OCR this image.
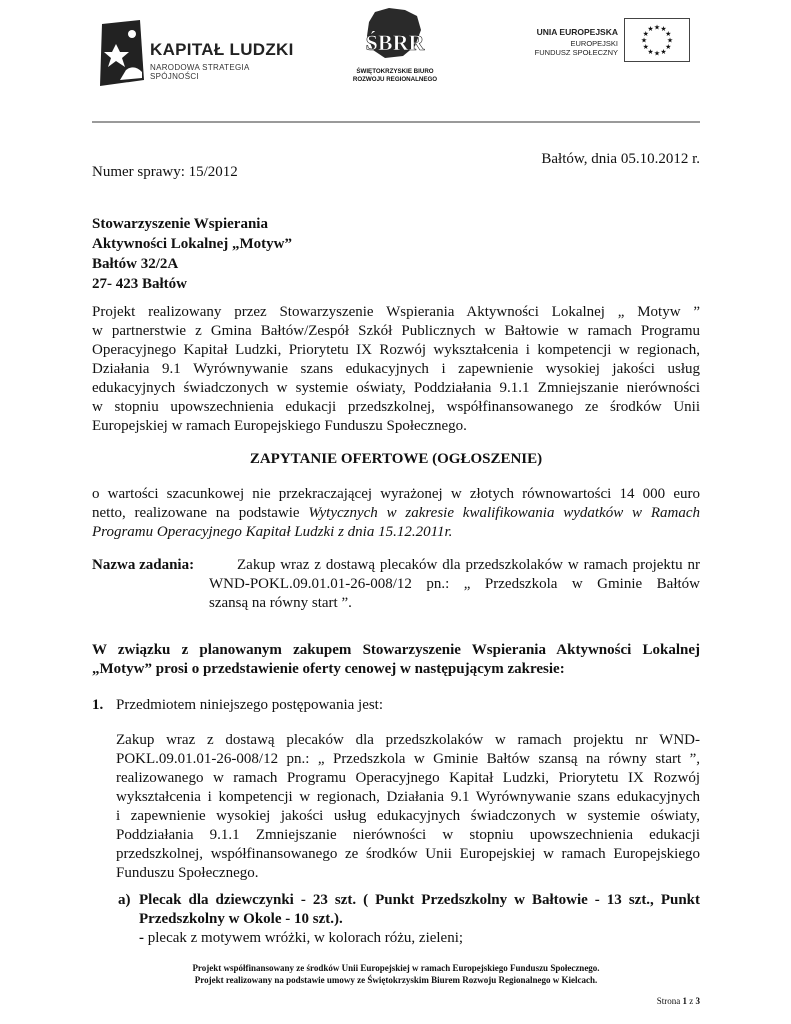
KAPITAŁ LUDZKI
NARODOWA STRATEGIA SPÓJNOŚCI
ŚBRR
ŚWIĘTOKRZYSKIE BIURO
ROZWOJU REGIONALNEGO
UNIA EUROPEJSKA
EUROPEJSKI
FUNDUSZ SPOŁECZNY
★ ★
★
★
★
★
★
★
★
★
★
★
Bałtów, dnia 05.10.2012 r.
Numer sprawy: 15/2012
Stowarzyszenie Wspierania
Aktywności Lokalnej „Motyw”
Bałtów 32/2A
27- 423 Bałtów
Projekt realizowany przez Stowarzyszenie Wspierania Aktywności Lokalnej „ Motyw ”
w partnerstwie z Gmina Bałtów/Zespół Szkół Publicznych w Bałtowie w ramach Programu
Operacyjnego Kapitał Ludzki, Priorytetu IX Rozwój wykształcenia i kompetencji w regionach,
Działania 9.1 Wyrównywanie szans edukacyjnych i zapewnienie wysokiej jakości usług
edukacyjnych świadczonych w systemie oświaty, Poddziałania 9.1.1 Zmniejszanie nierówności
w stopniu upowszechnienia edukacji przedszkolnej, współfinansowanego ze środków Unii
Europejskiej w ramach Europejskiego Funduszu Społecznego.
ZAPYTANIE OFERTOWE (OGŁOSZENIE)
o wartości szacunkowej nie przekraczającej wyrażonej w złotych równowartości 14 000 euro
netto, realizowane na podstawie Wytycznych w zakresie kwalifikowania wydatków w Ramach
Programu Operacyjnego Kapitał Ludzki z dnia 15.12.2011r.
Nazwa zadania:	Zakup wraz z dostawą plecaków dla przedszkolaków w ramach projektu nr
WND-POKL.09.01.01-26-008/12 pn.: „ Przedszkola w Gminie Bałtów
szansą na równy start ”.
W związku z planowanym zakupem Stowarzyszenie Wspierania Aktywności Lokalnej
„Motyw” prosi o przedstawienie oferty cenowej w następującym zakresie:
1. Przedmiotem niniejszego postępowania jest:
Zakup wraz z dostawą plecaków dla przedszkolaków w ramach projektu nr WND-
POKL.09.01.01-26-008/12 pn.: „ Przedszkola w Gminie Bałtów szansą na równy start ”,
realizowanego w ramach Programu Operacyjnego Kapitał Ludzki, Priorytetu IX Rozwój
wykształcenia i kompetencji w regionach, Działania 9.1 Wyrównywanie szans edukacyjnych
i zapewnienie wysokiej jakości usług edukacyjnych świadczonych w systemie oświaty,
Poddziałania 9.1.1 Zmniejszanie nierówności w stopniu upowszechnienia edukacji
przedszkolnej, współfinansowanego ze środków Unii Europejskiej w ramach Europejskiego
Funduszu Społecznego.
a) Plecak dla dziewczynki - 23 szt. ( Punkt Przedszkolny w Bałtowie - 13 szt., Punkt
Przedszkolny w Okole - 10 szt.).
- plecak z motywem wróżki, w kolorach różu, zieleni;
Projekt współfinansowany ze środków Unii Europejskiej w ramach Europejskiego Funduszu Społecznego.
Projekt realizowany na podstawie umowy ze Świętokrzyskim Biurem Rozwoju Regionalnego w Kielcach.
Strona 1 z 3
